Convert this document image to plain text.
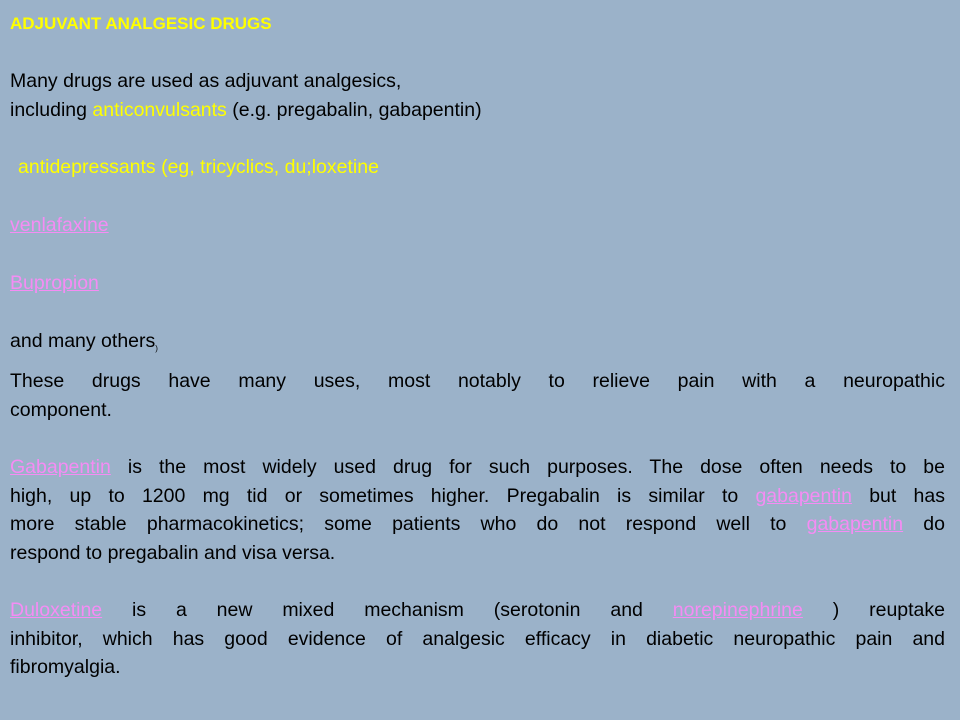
ADJUVANT ANALGESIC DRUGS
Many drugs are used as adjuvant analgesics,
including anticonvulsants (e.g. pregabalin, gabapentin)
antidepressants (eg, tricyclics, du;loxetine
venlafaxine
Bupropion
and many others$_)$
These drugs have many uses, most notably to relieve pain with a neuropathic
component.
Gabapentin is the most widely used drug for such purposes. The dose often needs to be
high, up to 1200 mg tid or sometimes higher. Pregabalin is similar to gabapentin but has
more stable pharmacokinetics; some patients who do not respond well to gabapentin do
respond to pregabalin and visa versa.
Duloxetine is a new mixed mechanism (serotonin and norepinephrine ) reuptake
inhibitor, which has good evidence of analgesic efficacy in diabetic neuropathic pain and
fibromyalgia.
